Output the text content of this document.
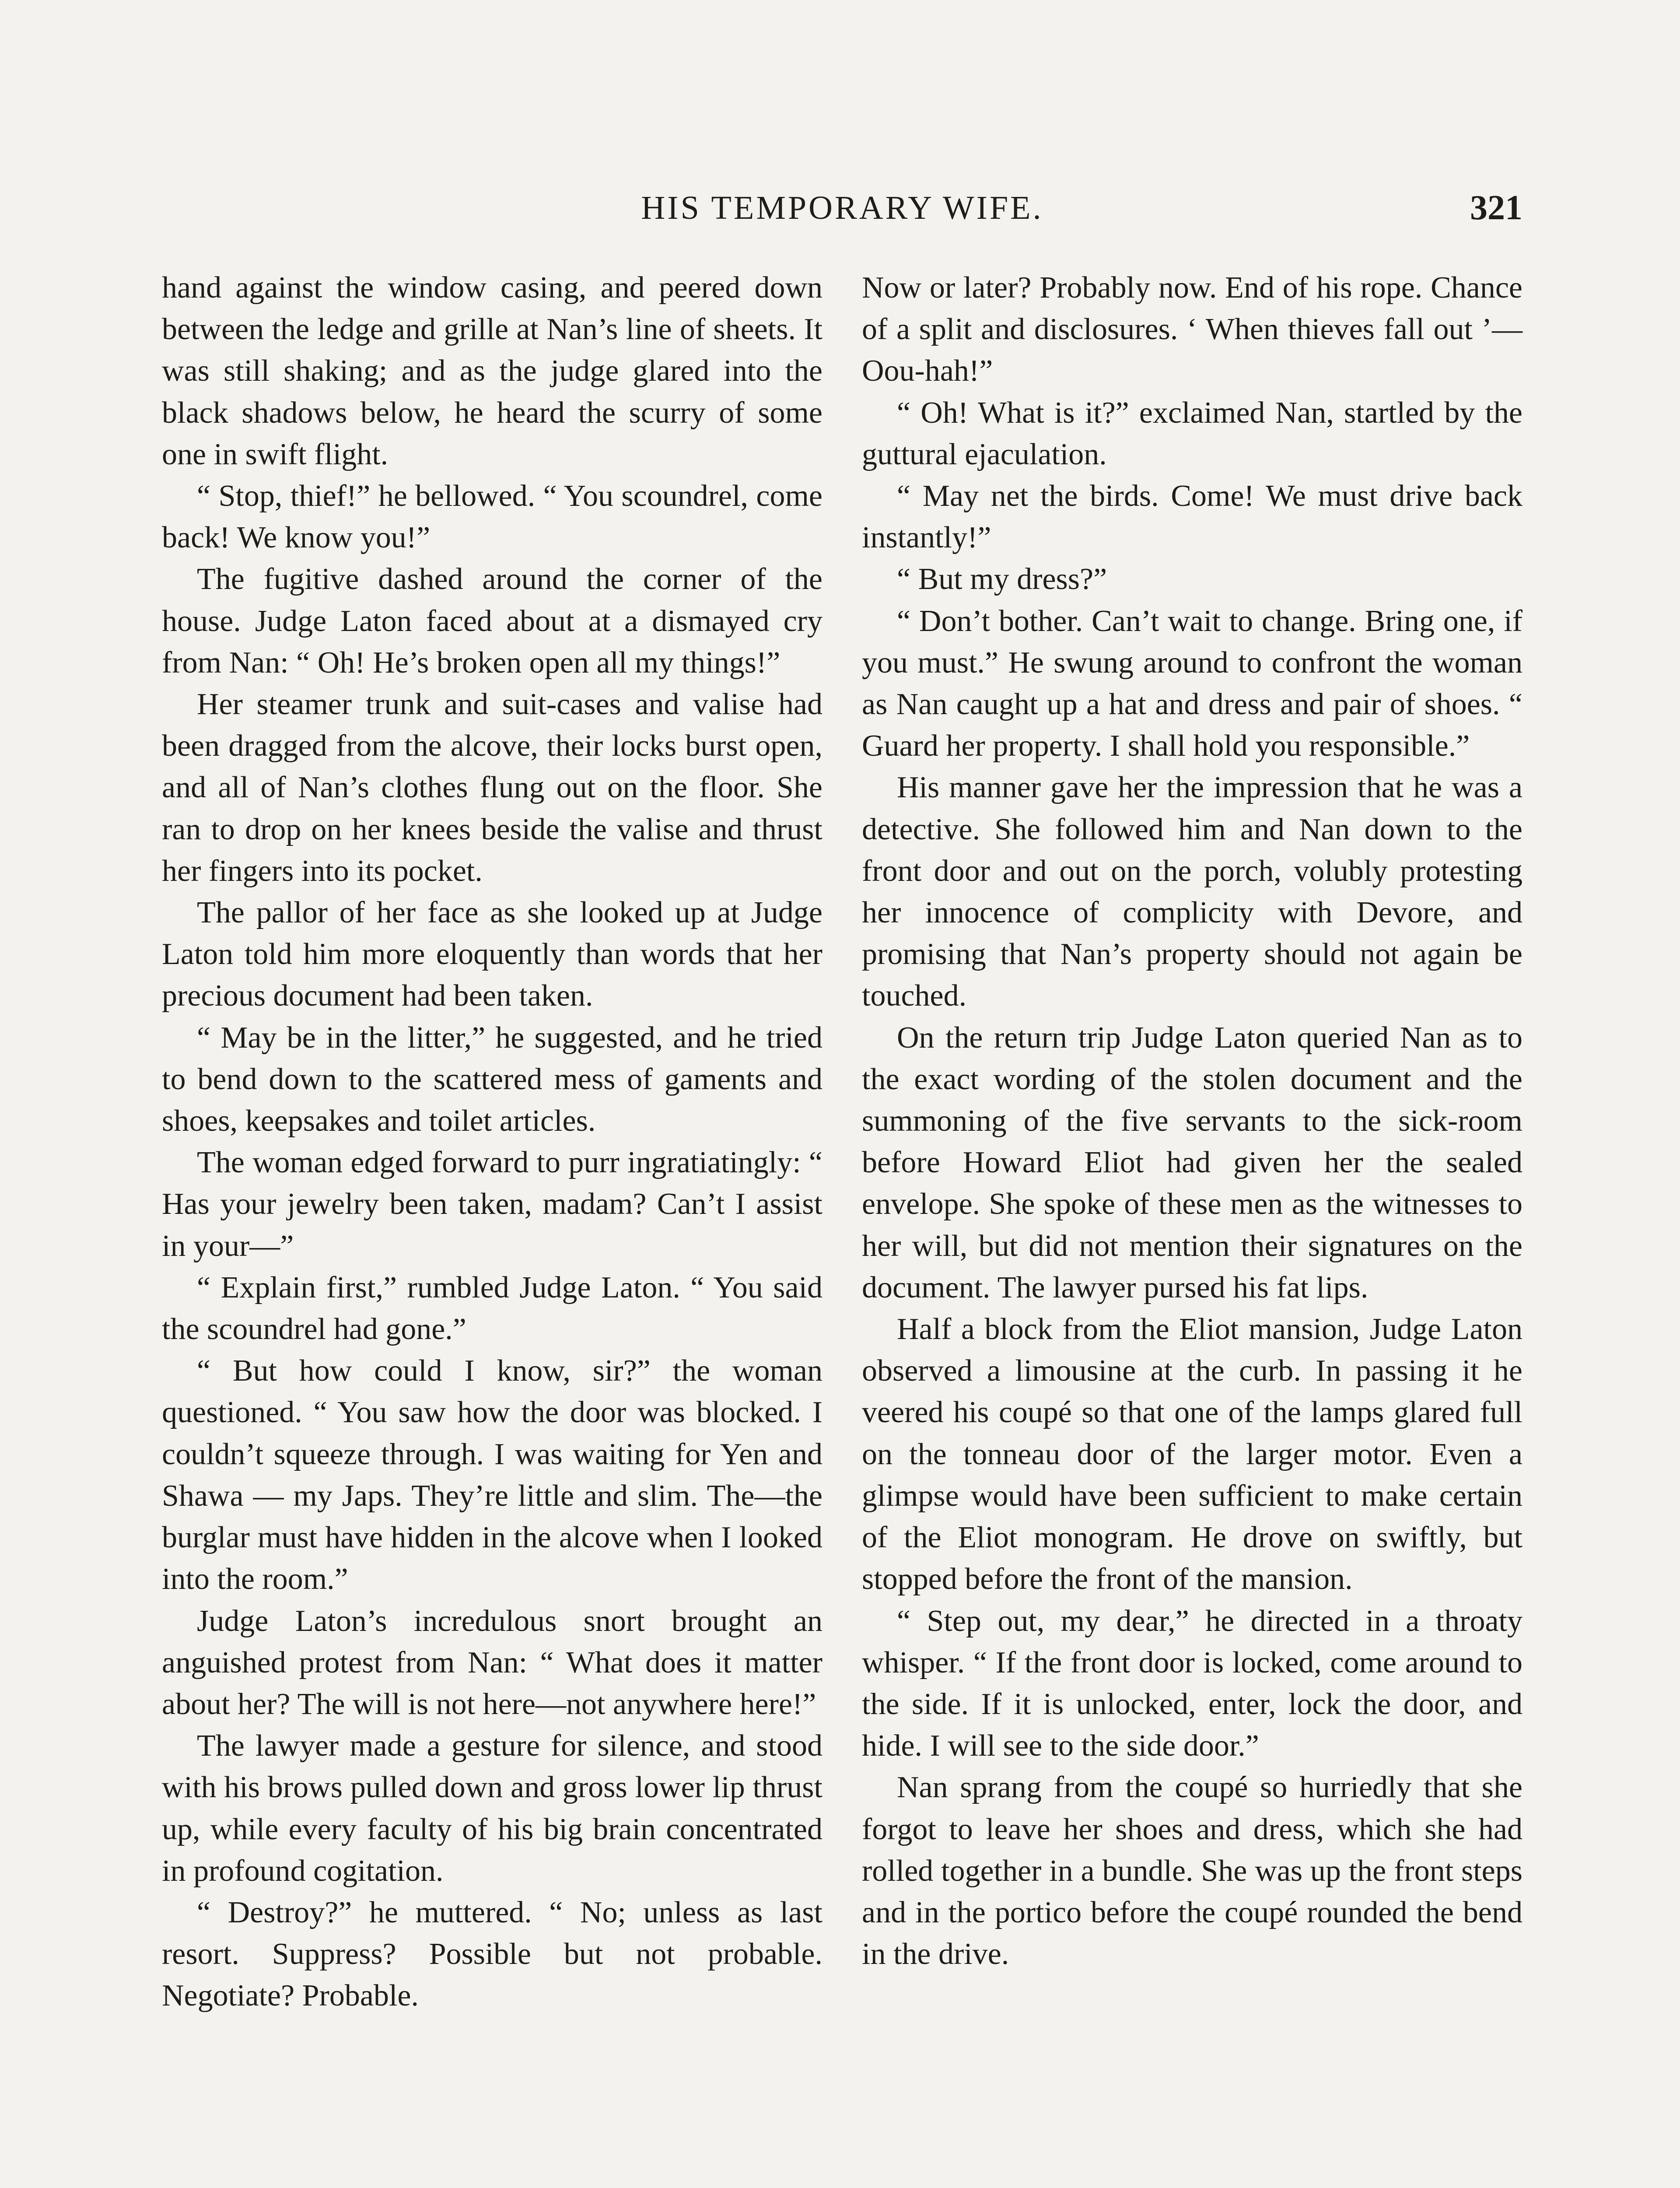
HIS TEMPORARY WIFE.	321

hand against the window casing, and peered down between the ledge and grille at Nan’s line of sheets. It was still shaking; and as the judge glared into the black shadows below, he heard the scurry of some one in swift flight.

“ Stop, thief!” he bellowed. “ You scoundrel, come back! We know you!”

The fugitive dashed around the corner of the house. Judge Laton faced about at a dismayed cry from Nan: “ Oh! He’s broken open all my things!”

Her steamer trunk and suit-cases and valise had been dragged from the alcove, their locks burst open, and all of Nan’s clothes flung out on the floor. She ran to drop on her knees beside the valise and thrust her fingers into its pocket.

The pallor of her face as she looked up at Judge Laton told him more eloquently than words that her precious document had been taken.

“ May be in the litter,” he suggested, and he tried to bend down to the scattered mess of gaments and shoes, keepsakes and toilet articles.

The woman edged forward to purr ingratiatingly: “ Has your jewelry been taken, madam? Can’t I assist in your—”

“ Explain first,” rumbled Judge Laton. “ You said the scoundrel had gone.”

“ But how could I know, sir?” the woman questioned. “ You saw how the door was blocked. I couldn’t squeeze through. I was waiting for Yen and Shawa — my Japs. They’re little and slim. The—the burglar must have hidden in the alcove when I looked into the room.”

Judge Laton’s incredulous snort brought an anguished protest from Nan: “ What does it matter about her? The will is not here—not anywhere here!”

The lawyer made a gesture for silence, and stood with his brows pulled down and gross lower lip thrust up, while every faculty of his big brain concentrated in profound cogitation.

“ Destroy?” he muttered. “ No; unless as last resort. Suppress? Possible but not probable. Negotiate? Probable.

Now or later? Probably now. End of his rope. Chance of a split and disclosures. ‘ When thieves fall out ’— Oou-hah!”

“ Oh! What is it?” exclaimed Nan, startled by the guttural ejaculation.

“ May net the birds. Come! We must drive back instantly!”

“ But my dress?”

“ Don’t bother. Can’t wait to change. Bring one, if you must.” He swung around to confront the woman as Nan caught up a hat and dress and pair of shoes. “ Guard her property. I shall hold you responsible.”

His manner gave her the impression that he was a detective. She followed him and Nan down to the front door and out on the porch, volubly protesting her innocence of complicity with Devore, and promising that Nan’s property should not again be touched.

On the return trip Judge Laton queried Nan as to the exact wording of the stolen document and the summoning of the five servants to the sick-room before Howard Eliot had given her the sealed envelope. She spoke of these men as the witnesses to her will, but did not mention their signatures on the document. The lawyer pursed his fat lips.

Half a block from the Eliot mansion, Judge Laton observed a limousine at the curb. In passing it he veered his coupé so that one of the lamps glared full on the tonneau door of the larger motor. Even a glimpse would have been sufficient to make certain of the Eliot monogram. He drove on swiftly, but stopped before the front of the mansion.

“ Step out, my dear,” he directed in a throaty whisper. “ If the front door is locked, come around to the side. If it is unlocked, enter, lock the door, and hide. I will see to the side door.”

Nan sprang from the coupé so hurriedly that she forgot to leave her shoes and dress, which she had rolled together in a bundle. She was up the front steps and in the portico before the coupé rounded the bend in the drive.
